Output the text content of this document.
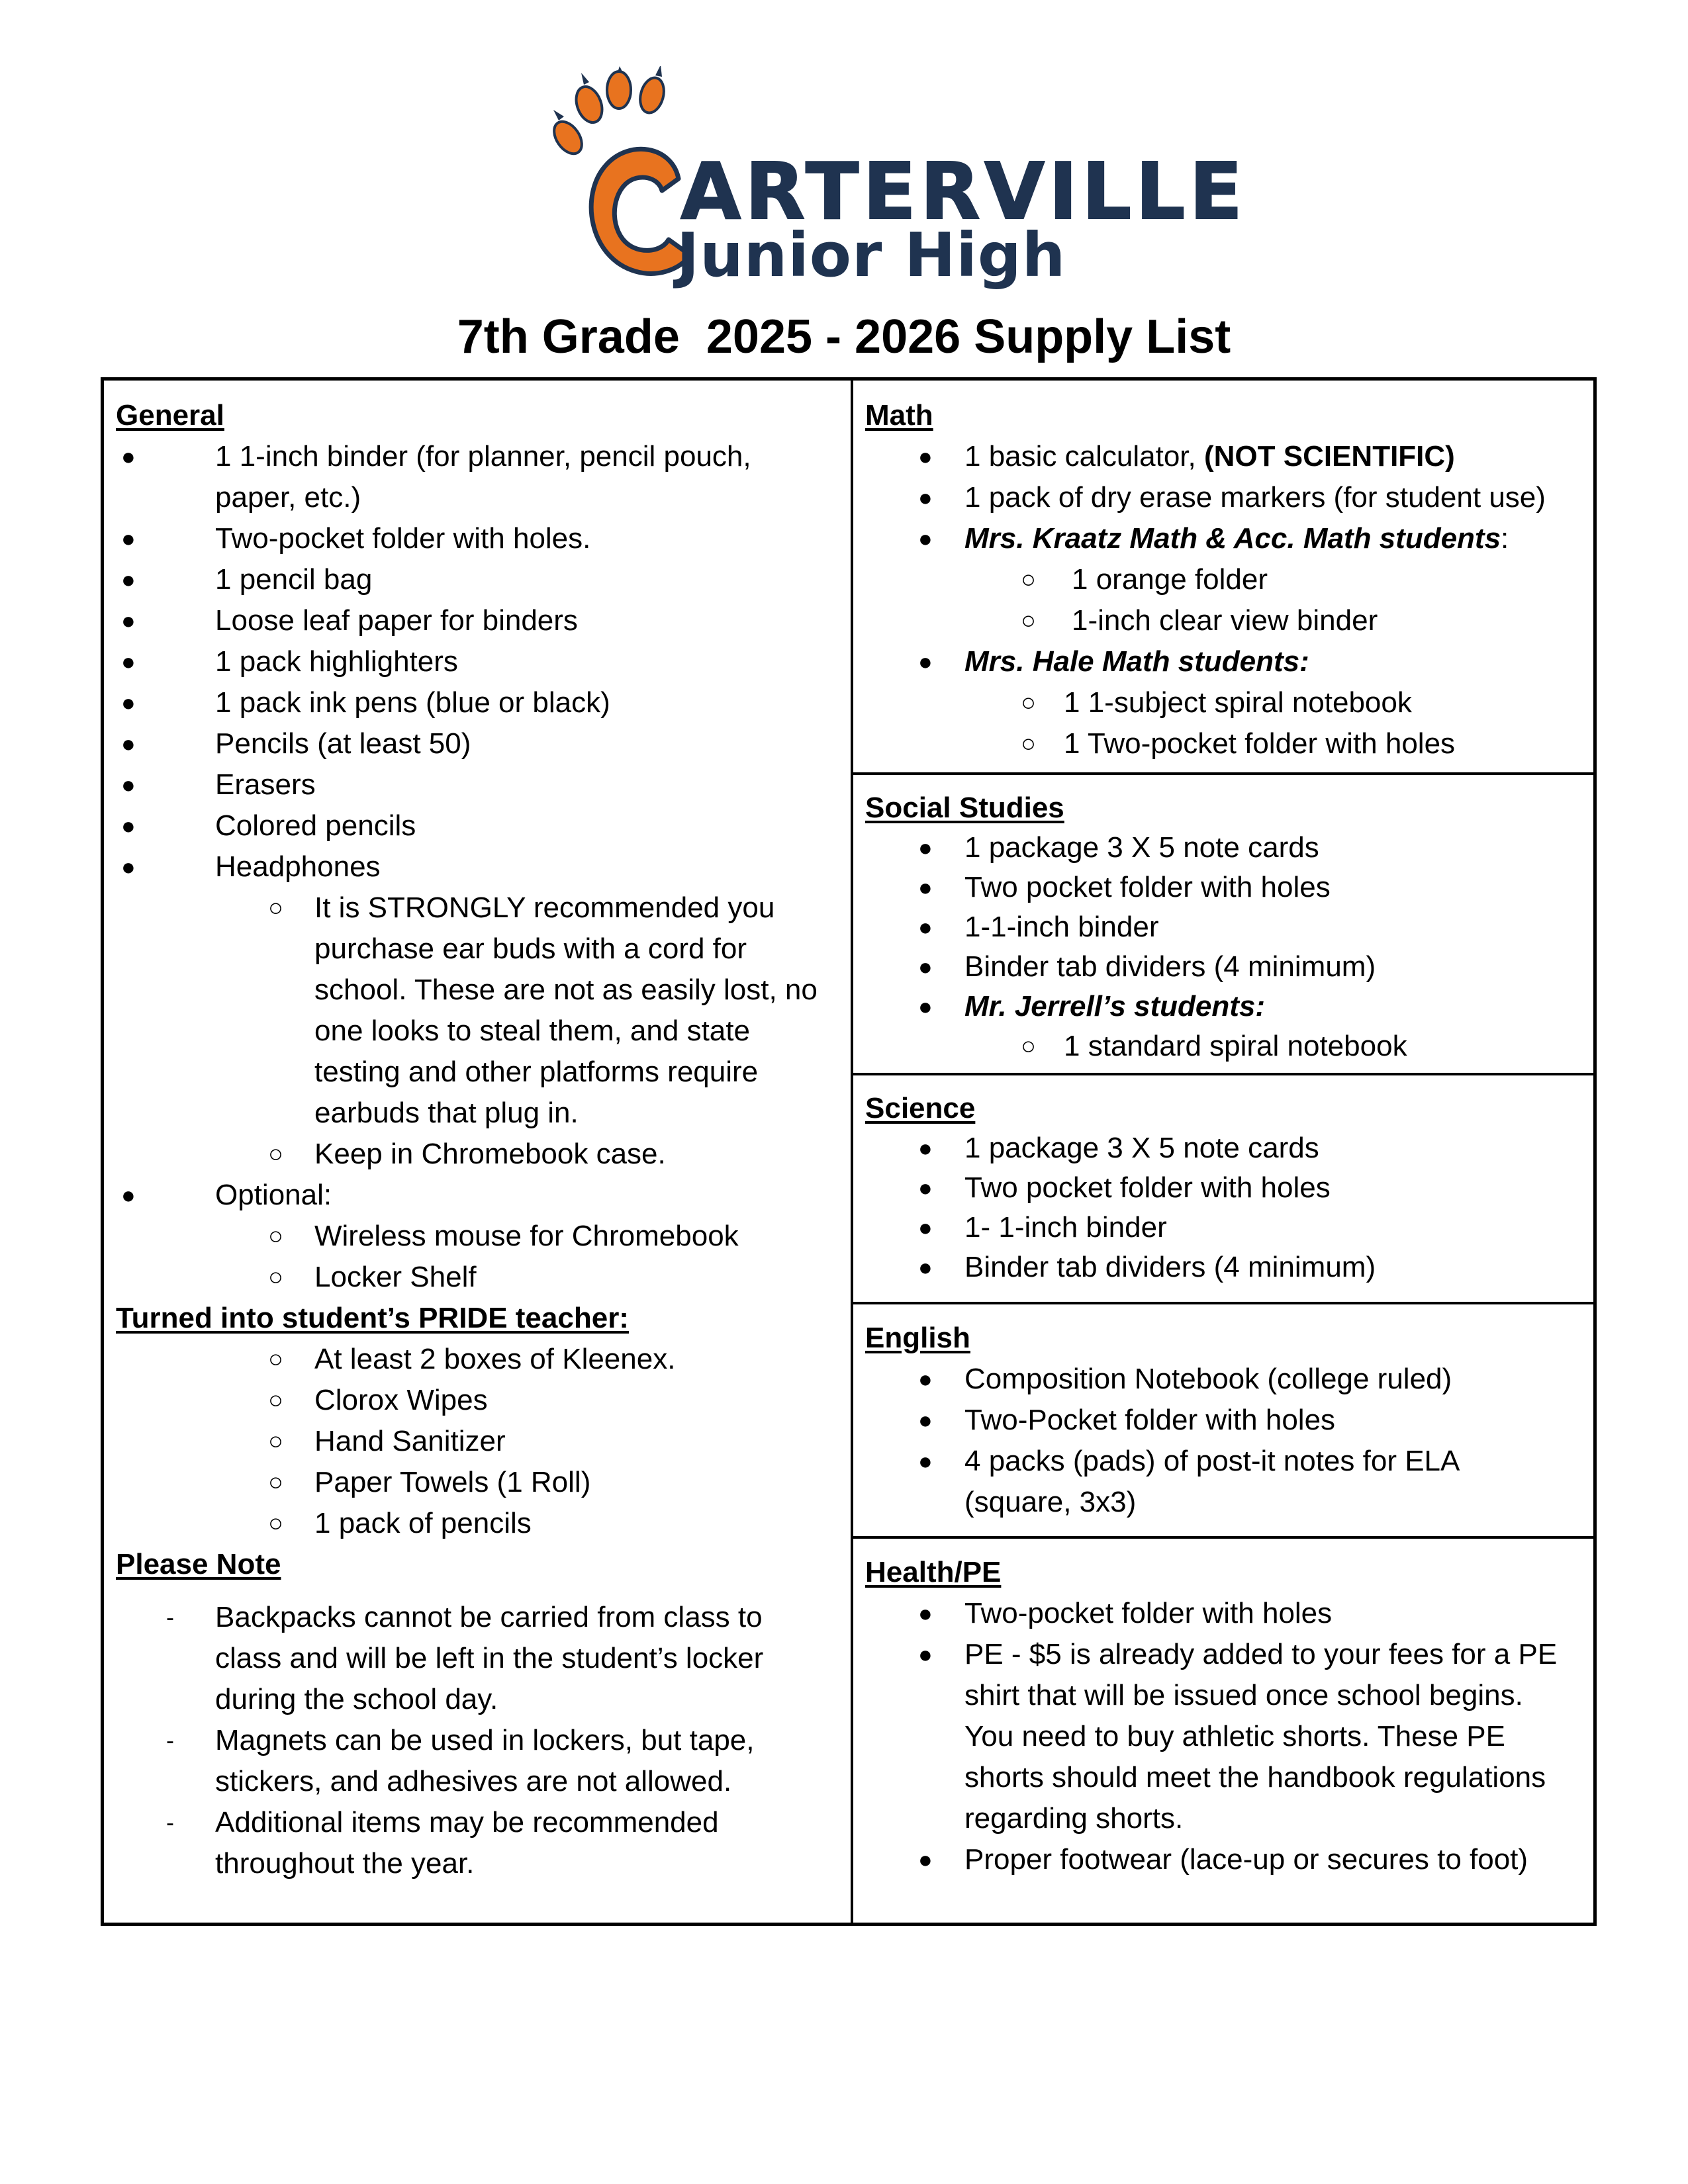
ARTERVILLE
Junior High
7th Grade  2025 - 2026 Supply List
General
●	1 1-inch binder (for planner, pencil pouch, paper, etc.)
●	Two-pocket folder with holes.
●	1 pencil bag
●	Loose leaf paper for binders
●	1 pack highlighters
●	1 pack ink pens (blue or black)
●	Pencils (at least 50)
●	Erasers
●	Colored pencils
●	Headphones
○ It is STRONGLY recommended you purchase ear buds with a cord for school. These are not as easily lost, no one looks to steal them, and state testing and other platforms require earbuds that plug in.
○ Keep in Chromebook case.
●	Optional:
○ Wireless mouse for Chromebook
○ Locker Shelf
Turned into student’s PRIDE teacher:
○ At least 2 boxes of Kleenex.
○ Clorox Wipes
○ Hand Sanitizer
○ Paper Towels (1 Roll)
○ 1 pack of pencils
Please Note
- Backpacks cannot be carried from class to class and will be left in the student’s locker during the school day.
- Magnets can be used in lockers, but tape, stickers, and adhesives are not allowed.
- Additional items may be recommended throughout the year.
Math
● 1 basic calculator, (NOT SCIENTIFIC)
● 1 pack of dry erase markers (for student use)
● Mrs. Kraatz Math & Acc. Math students:
○ 1 orange folder
○ 1-inch clear view binder
● Mrs. Hale Math students:
○ 1 1-subject spiral notebook
○ 1 Two-pocket folder with holes
Social Studies
● 1 package 3 X 5 note cards
● Two pocket folder with holes
● 1-1-inch binder
● Binder tab dividers (4 minimum)
● Mr. Jerrell’s students:
○ 1 standard spiral notebook
Science
● 1 package 3 X 5 note cards
● Two pocket folder with holes
● 1- 1-inch binder
● Binder tab dividers (4 minimum)
English
● Composition Notebook (college ruled)
● Two-Pocket folder with holes
● 4 packs (pads) of post-it notes for ELA (square, 3x3)
Health/PE
● Two-pocket folder with holes
● PE - $5 is already added to your fees for a PE shirt that will be issued once school begins. You need to buy athletic shorts. These PE shorts should meet the handbook regulations regarding shorts.
● Proper footwear (lace-up or secures to foot)
